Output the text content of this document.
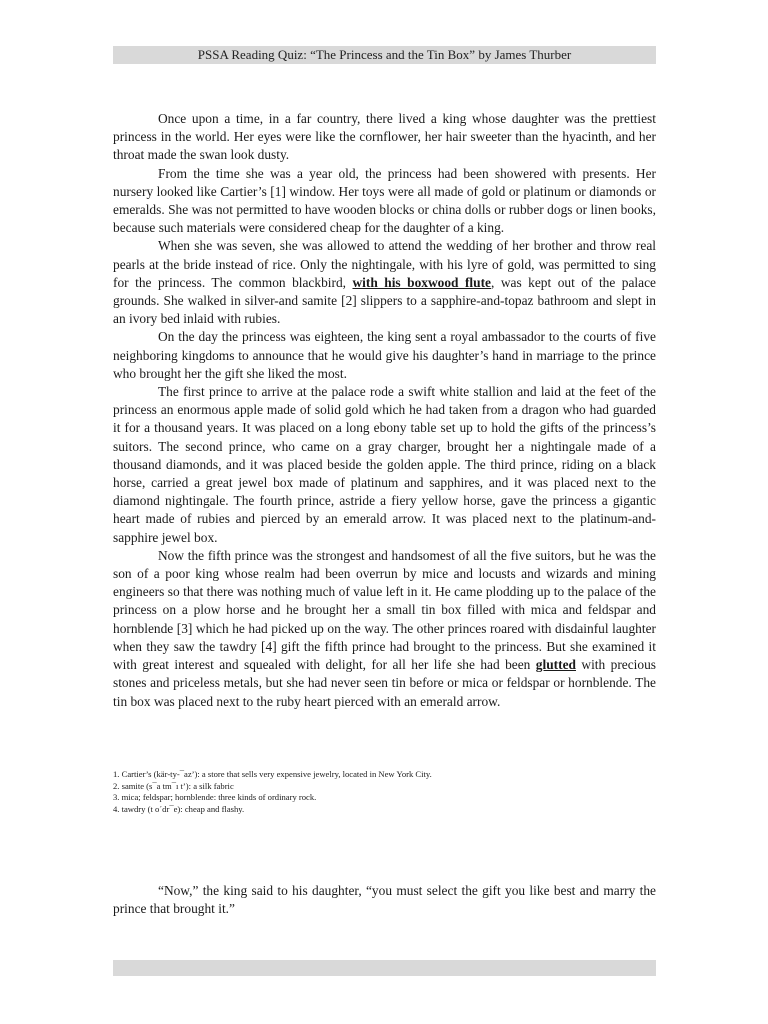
PSSA Reading Quiz: “The Princess and the Tin Box” by James Thurber

Once upon a time, in a far country, there lived a king whose daughter was the prettiest princess in the world. Her eyes were like the cornflower, her hair sweeter than the hyacinth, and her throat made the swan look dusty.

From the time she was a year old, the princess had been showered with presents. Her nursery looked like Cartier’s [1] window. Her toys were all made of gold or platinum or diamonds or emeralds. She was not permitted to have wooden blocks or china dolls or rubber dogs or linen books, because such materials were considered cheap for the daughter of a king.

When she was seven, she was allowed to attend the wedding of her brother and throw real pearls at the bride instead of rice. Only the nightingale, with his lyre of gold, was permitted to sing for the princess. The common blackbird, with his boxwood flute, was kept out of the palace grounds. She walked in silver-and samite [2] slippers to a sapphire-and-topaz bathroom and slept in an ivory bed inlaid with rubies.

On the day the princess was eighteen, the king sent a royal ambassador to the courts of five neighboring kingdoms to announce that he would give his daughter’s hand in marriage to the prince who brought her the gift she liked the most.

The first prince to arrive at the palace rode a swift white stallion and laid at the feet of the princess an enormous apple made of solid gold which he had taken from a dragon who had guarded it for a thousand years. It was placed on a long ebony table set up to hold the gifts of the princess’s suitors. The second prince, who came on a gray charger, brought her a nightingale made of a thousand diamonds, and it was placed beside the golden apple. The third prince, riding on a black horse, carried a great jewel box made of platinum and sapphires, and it was placed next to the diamond nightingale. The fourth prince, astride a fiery yellow horse, gave the princess a gigantic heart made of rubies and pierced by an emerald arrow. It was placed next to the platinum-and-sapphire jewel box.

Now the fifth prince was the strongest and handsomest of all the five suitors, but he was the son of a poor king whose realm had been overrun by mice and locusts and wizards and mining engineers so that there was nothing much of value left in it. He came plodding up to the palace of the princess on a plow horse and he brought her a small tin box filled with mica and feldspar and hornblende [3] which he had picked up on the way. The other princes roared with disdainful laughter when they saw the tawdry [4] gift the fifth prince had brought to the princess. But she examined it with great interest and squealed with delight, for all her life she had been glutted with precious stones and priceless metals, but she had never seen tin before or mica or feldspar or hornblende. The tin box was placed next to the ruby heart pierced with an emerald arrow.

1. Cartier’s (kär-ty-¯az’): a store that sells very expensive jewelry, located in New York City.
2. samite (s¯a tm¯ı t’): a silk fabric
3. mica; feldspar; hornblende: three kinds of ordinary rock.
4. tawdry (t o´dr¯e): cheap and flashy.

“Now,” the king said to his daughter, “you must select the gift you like best and marry the prince that brought it.”
